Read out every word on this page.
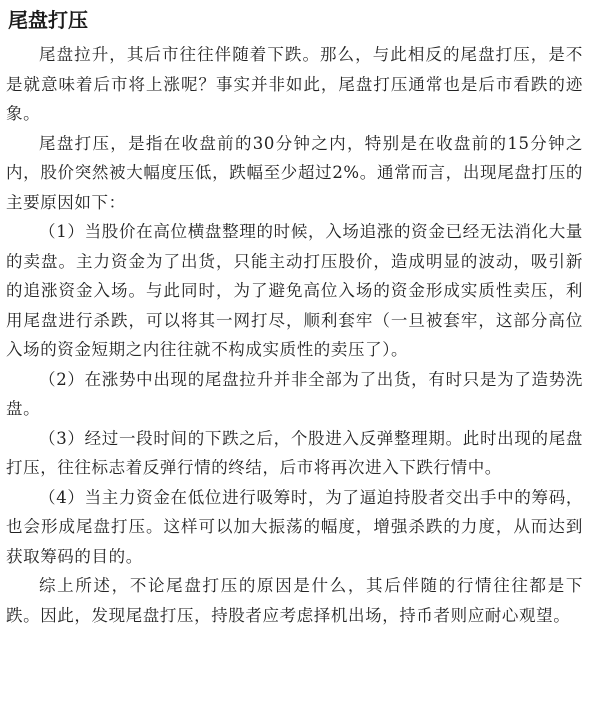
尾盘打压

尾盘拉升，其后市往往伴随着下跌。那么，与此相反的尾盘打压，是不是就意味着后市将上涨呢？事实并非如此，尾盘打压通常也是后市看跌的迹象。

尾盘打压，是指在收盘前的30分钟之内，特别是在收盘前的15分钟之内，股价突然被大幅度压低，跌幅至少超过2%。通常而言，出现尾盘打压的主要原因如下：

（1）当股价在高位横盘整理的时候，入场追涨的资金已经无法消化大量的卖盘。主力资金为了出货，只能主动打压股价，造成明显的波动，吸引新的追涨资金入场。与此同时，为了避免高位入场的资金形成实质性卖压，利用尾盘进行杀跌，可以将其一网打尽，顺利套牢（一旦被套牢，这部分高位入场的资金短期之内往往就不构成实质性的卖压了）。

（2）在涨势中出现的尾盘拉升并非全部为了出货，有时只是为了造势洗盘。

（3）经过一段时间的下跌之后，个股进入反弹整理期。此时出现的尾盘打压，往往标志着反弹行情的终结，后市将再次进入下跌行情中。

（4）当主力资金在低位进行吸筹时，为了逼迫持股者交出手中的筹码，也会形成尾盘打压。这样可以加大振荡的幅度，增强杀跌的力度，从而达到获取筹码的目的。

综上所述，不论尾盘打压的原因是什么，其后伴随的行情往往都是下跌。因此，发现尾盘打压，持股者应考虑择机出场，持币者则应耐心观望。
